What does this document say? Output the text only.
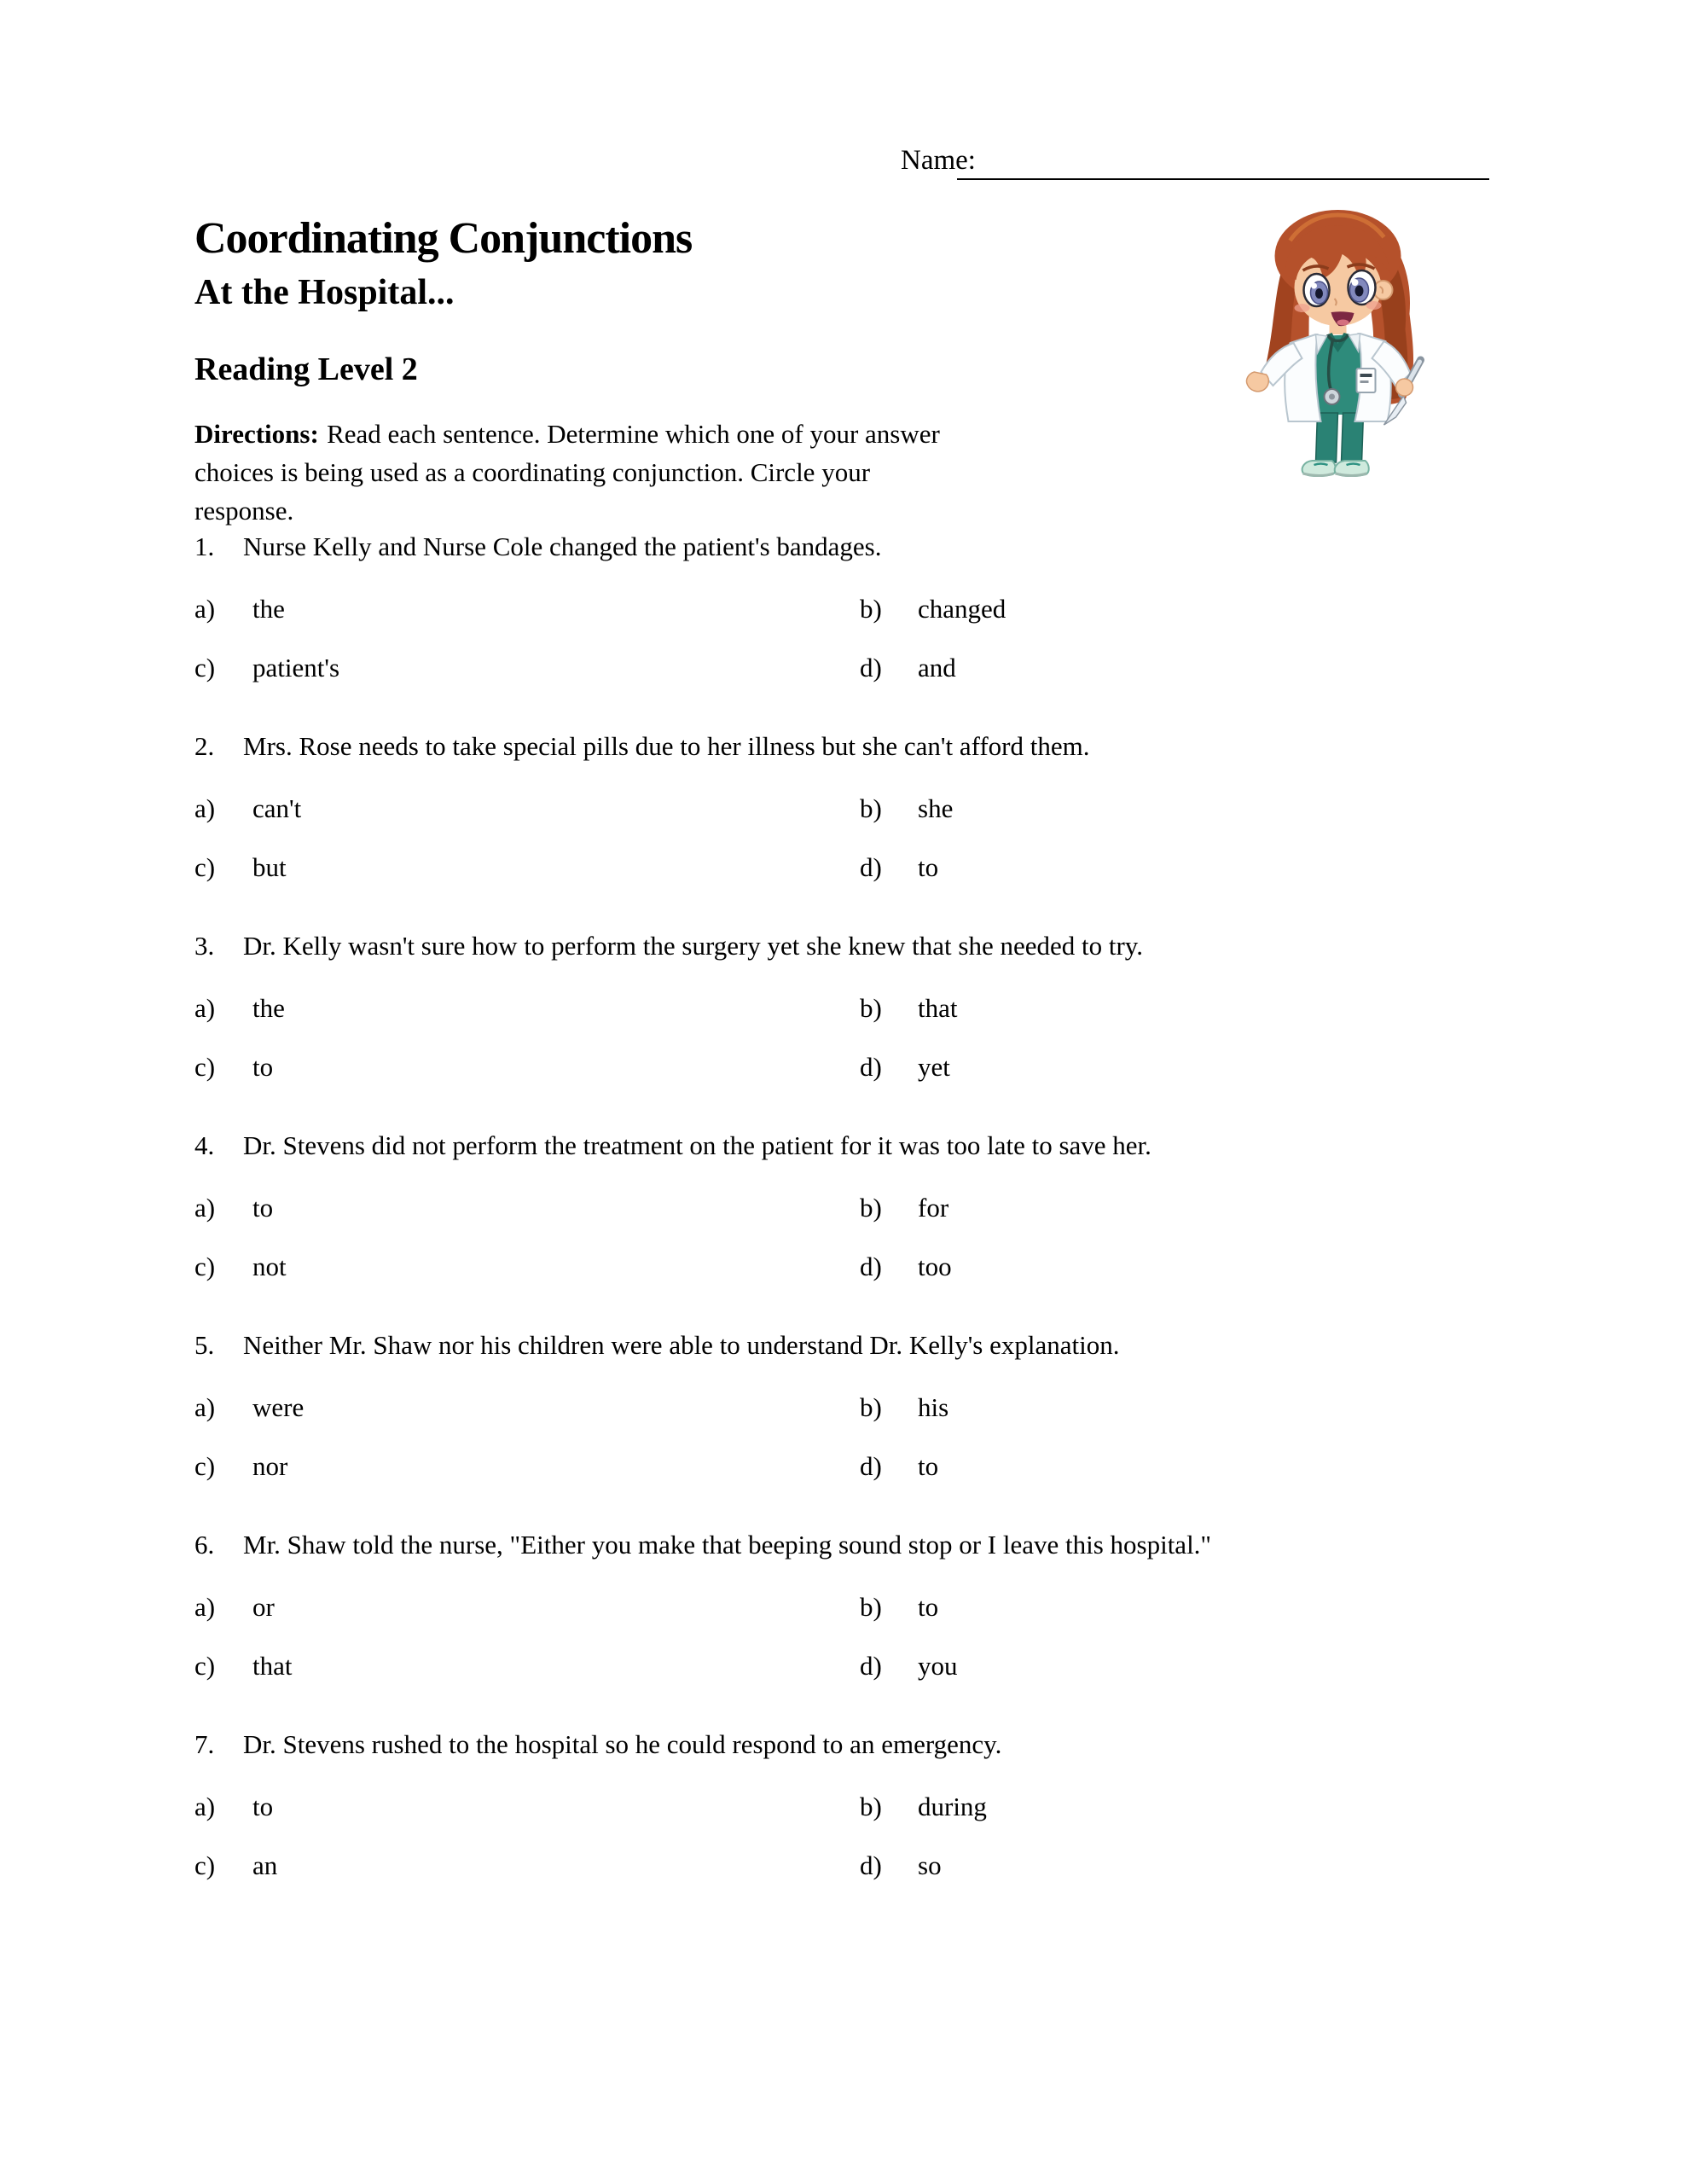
Name:
Coordinating Conjunctions
At the Hospital...
Reading Level 2

Directions: Read each sentence. Determine which one of your answer
choices is being used as a coordinating conjunction. Circle your response.

1. Nurse Kelly and Nurse Cole changed the patient's bandages.
a)	the	b)	changed
c)	patient's	d)	and
2. Mrs. Rose needs to take special pills due to her illness but she can't afford them.
a)	can't	b)	she
c)	but	d)	to
3. Dr. Kelly wasn't sure how to perform the surgery yet she knew that she needed to try.
a)	the	b)	that
c)	to	d)	yet
4. Dr. Stevens did not perform the treatment on the patient for it was too late to save her.
a)	to	b)	for
c)	not	d)	too
5. Neither Mr. Shaw nor his children were able to understand Dr. Kelly's explanation.
a)	were	b)	his
c)	nor	d)	to
6. Mr. Shaw told the nurse, "Either you make that beeping sound stop or I leave this hospital."
a)	or	b)	to
c)	that	d)	you
7. Dr. Stevens rushed to the hospital so he could respond to an emergency.
a)	to	b)	during
c)	an	d)	so
